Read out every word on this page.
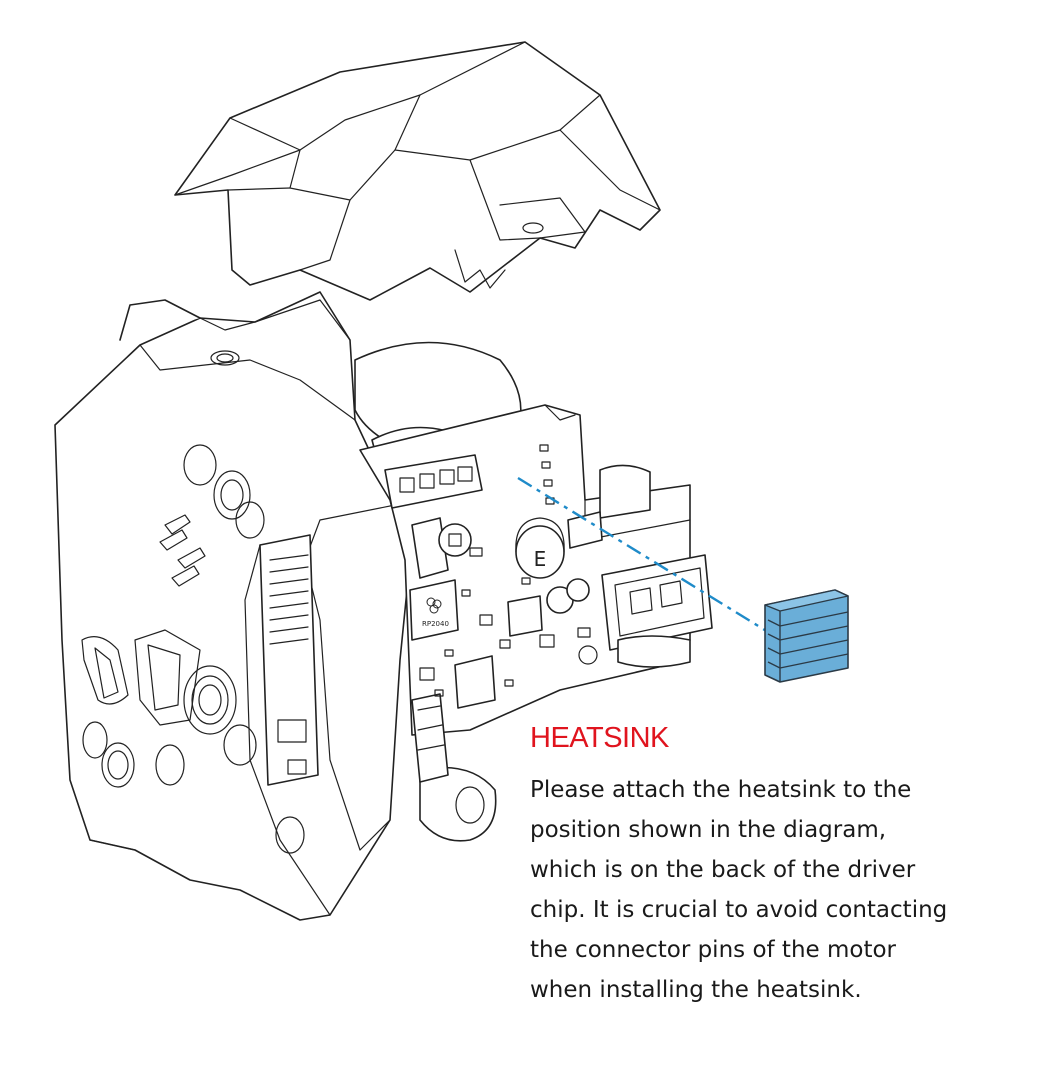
E
RP2040
HEATSINK

Please attach the heatsink to the
position shown in the diagram,
which is on the back of the driver
chip. It is crucial to avoid contacting
the connector pins of the motor
when installing the heatsink.
